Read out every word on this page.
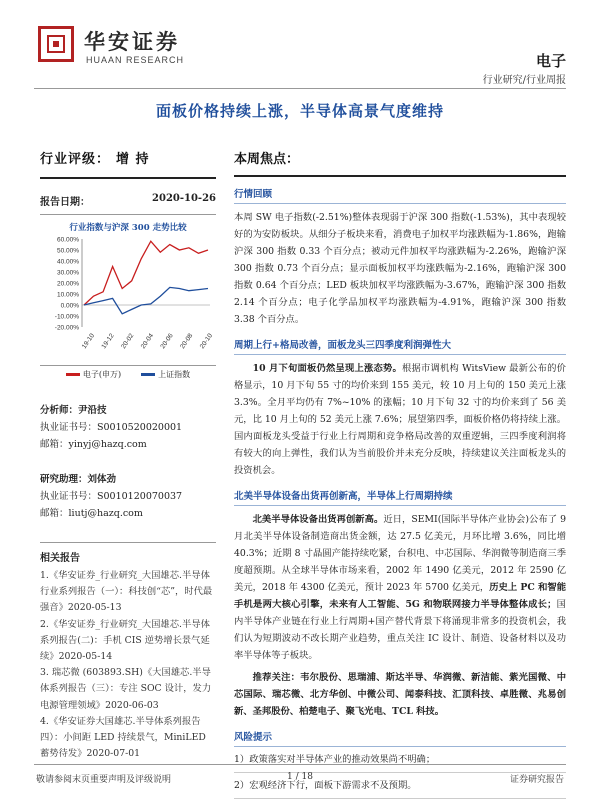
华安证券
HUAAN RESEARCH	电子
行业研究/行业周报
面板价格持续上涨，半导体高景气度维持
行业评级： 增 持
报告日期：	2020-10-26
行业指数与沪深 300 走势比较
-20.00%
-10.00%
0.00%
10.00%
20.00%
30.00%
40.00%
50.00%
60.00%
19-10 19-12 20-02 20-04 20-06 20-08 20-10
电子(申万)	上证指数
分析师：尹沿技
执业证书号：S0010520020001
邮箱：yinyj@hazq.com
研究助理：刘体劲
执业证书号：S0010120070037
邮箱：liutj@hazq.com
相关报告
1.《华安证券_行业研究_大国雄芯.半导体行业系列报告（一）：科技创“芯”，时代最强音》2020-05-13
2.《华安证券_行业研究_大国雄芯.半导体系列报告(二)：手机 CIS 逆势增长景气延续》2020-05-14
3. 瑞芯微 (603893.SH)《大国雄芯.半导体系列报告（三）：专注 SOC 设计，发力电源管理领域》2020-06-03
4.《华安证券大国雄芯.半导体系列报告四）：小间距 LED 持续景气，MiniLED 蓄势待发》2020-07-01
本周焦点：
行情回顾
本周 SW 电子指数(-2.51%)整体表现弱于沪深 300 指数(-1.53%)，其中表现较好的为安防板块。从细分子板块来看，消费电子加权平均涨跌幅为-1.86%，跑输沪深 300 指数 0.33 个百分点；被动元件加权平均涨跌幅为-2.26%，跑输沪深 300 指数 0.73 个百分点；显示面板加权平均涨跌幅为-2.16%，跑输沪深 300 指数 0.64 个百分点；LED 板块加权平均涨跌幅为-3.67%，跑输沪深 300 指数 2.14 个百分点；电子化学品加权平均涨跌幅为-4.91%，跑输沪深 300 指数 3.38 个百分点。
周期上行+格局改善，面板龙头三四季度利润弹性大
10 月下旬面板仍然呈现上涨态势。根据市调机构 WitsView 最新公布的价格显示，10 月下旬 55 寸的均价来到 155 美元，较 10 月上旬的 150 美元上涨 3.3%。全月平均仍有 7%~10% 的涨幅；10 月下旬 32 寸的均价来到了 56 美元，比 10 月上旬的 52 美元上涨 7.6%；展望第四季，面板价格仍将持续上涨。国内面板龙头受益于行业上行周期和竞争格局改善的双重逻辑，三四季度利润将有较大的向上弹性，我们认为当前股价并未充分反映，持续建议关注面板龙头的投资机会。
北美半导体设备出货再创新高，半导体上行周期持续
北美半导体设备出货再创新高。近日，SEMI(国际半导体产业协会)公布了 9 月北美半导体设备制造商出货金额，达 27.5 亿美元，月环比增 3.6%，同比增 40.3%；近期 8 寸晶圆产能持续吃紧，台积电、中芯国际、华润微等制造商三季度超预期。从全球半导体市场来看，2002 年 1490 亿美元，2012 年 2590 亿美元，2018 年 4300 亿美元，预计 2023 年 5700 亿美元，历史上 PC 和智能手机是两大核心引擎，未来有人工智能、5G 和物联网接力半导体整体成长；国内半导体产业链在行业上行周期+国产替代背景下将涌现非常多的投资机会，我们认为短期波动不改长期产业趋势，重点关注 IC 设计、制造、设备材料以及功率半导体等子板块。
推荐关注：韦尔股份、思瑞浦、斯达半导、华润微、新洁能、紫光国微、中芯国际、瑞芯微、北方华创、中微公司、闻泰科技、汇顶科技、卓胜微、兆易创新、圣邦股份、柏楚电子、聚飞光电、TCL 科技。
风险提示
1）政策落实对半导体产业的推动效果尚不明确；
2）宏观经济下行，面板下游需求不及预期。
敬请参阅末页重要声明及评级说明	1 / 18	证券研究报告
